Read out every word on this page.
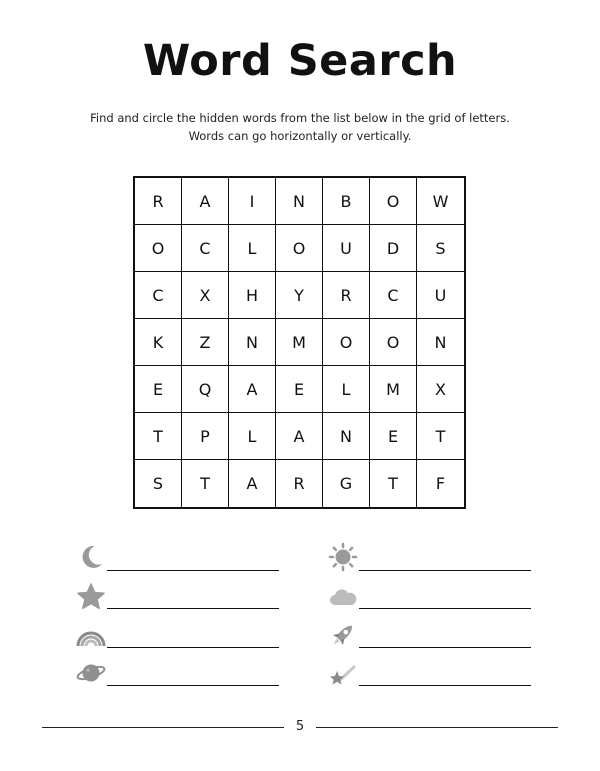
Word Search
Find and circle the hidden words from the list below in the grid of letters.
Words can go horizontally or vertically.
R	A	I	N	B	O	W
O	C	L	O	U	D	S
C	X	H	Y	R	C	U
K	Z	N	M	O	O	N
E	Q	A	E	L	M	X
T	P	L	A	N	E	T
S	T	A	R	G	T	F
5
